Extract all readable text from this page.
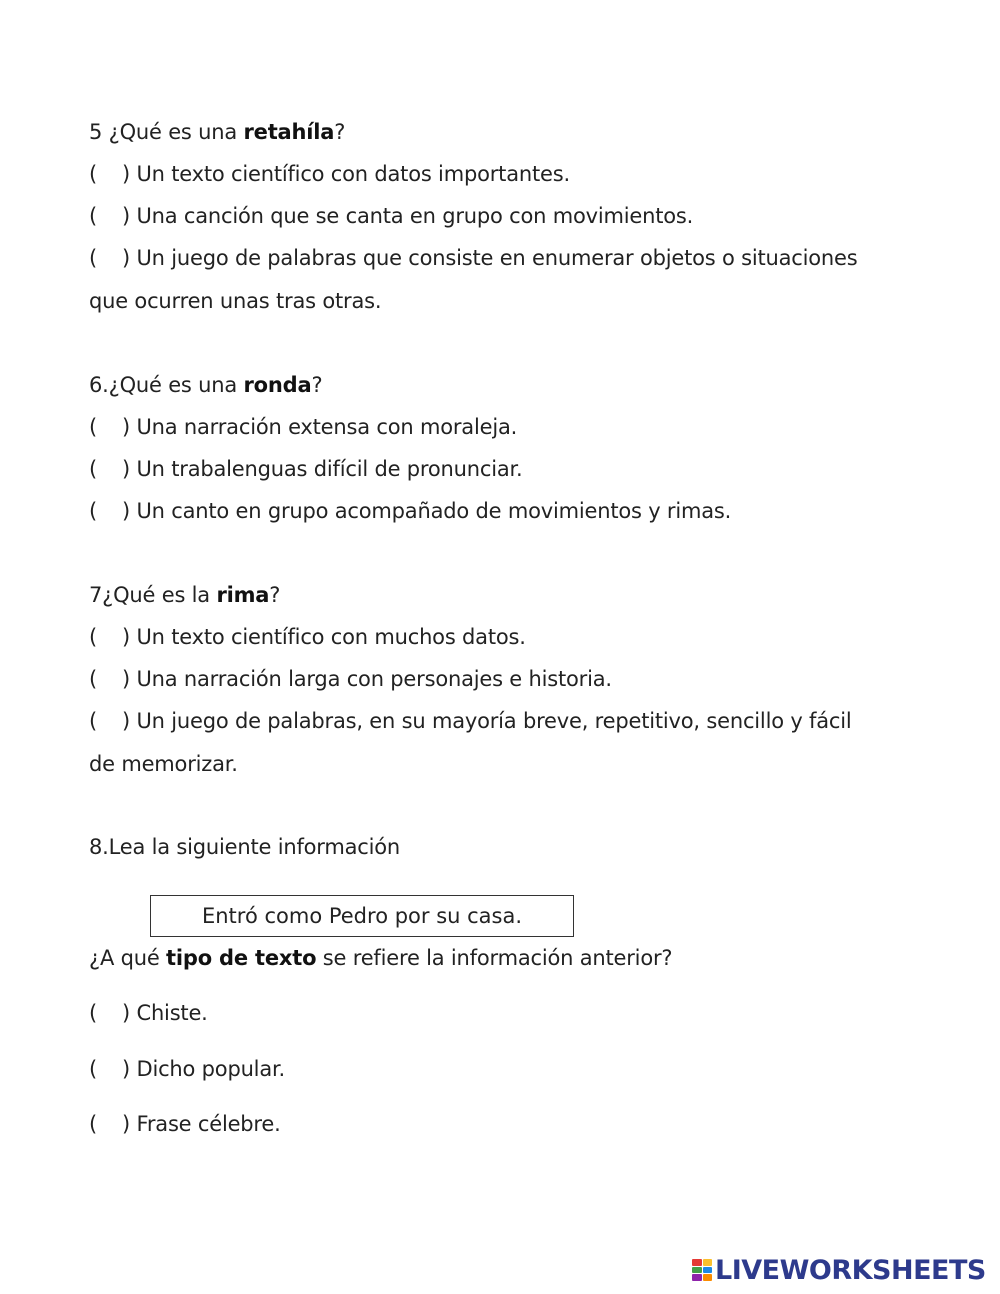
5 ¿Qué es una retahíla?
( ) Un texto científico con datos importantes.
( ) Una canción que se canta en grupo con movimientos.
( ) Un juego de palabras que consiste en enumerar objetos o situaciones
que ocurren unas tras otras.
6.¿Qué es una ronda?
( ) Una narración extensa con moraleja.
( ) Un trabalenguas difícil de pronunciar.
( ) Un canto en grupo acompañado de movimientos y rimas.
7¿Qué es la rima?
( ) Un texto científico con muchos datos.
( ) Una narración larga con personajes e historia.
( ) Un juego de palabras, en su mayoría breve, repetitivo, sencillo y fácil
de memorizar.
8.Lea la siguiente información
Entró como Pedro por su casa.
¿A qué tipo de texto se refiere la información anterior?
( ) Chiste.
( ) Dicho popular.
( ) Frase célebre.
LIVEWORKSHEETS
